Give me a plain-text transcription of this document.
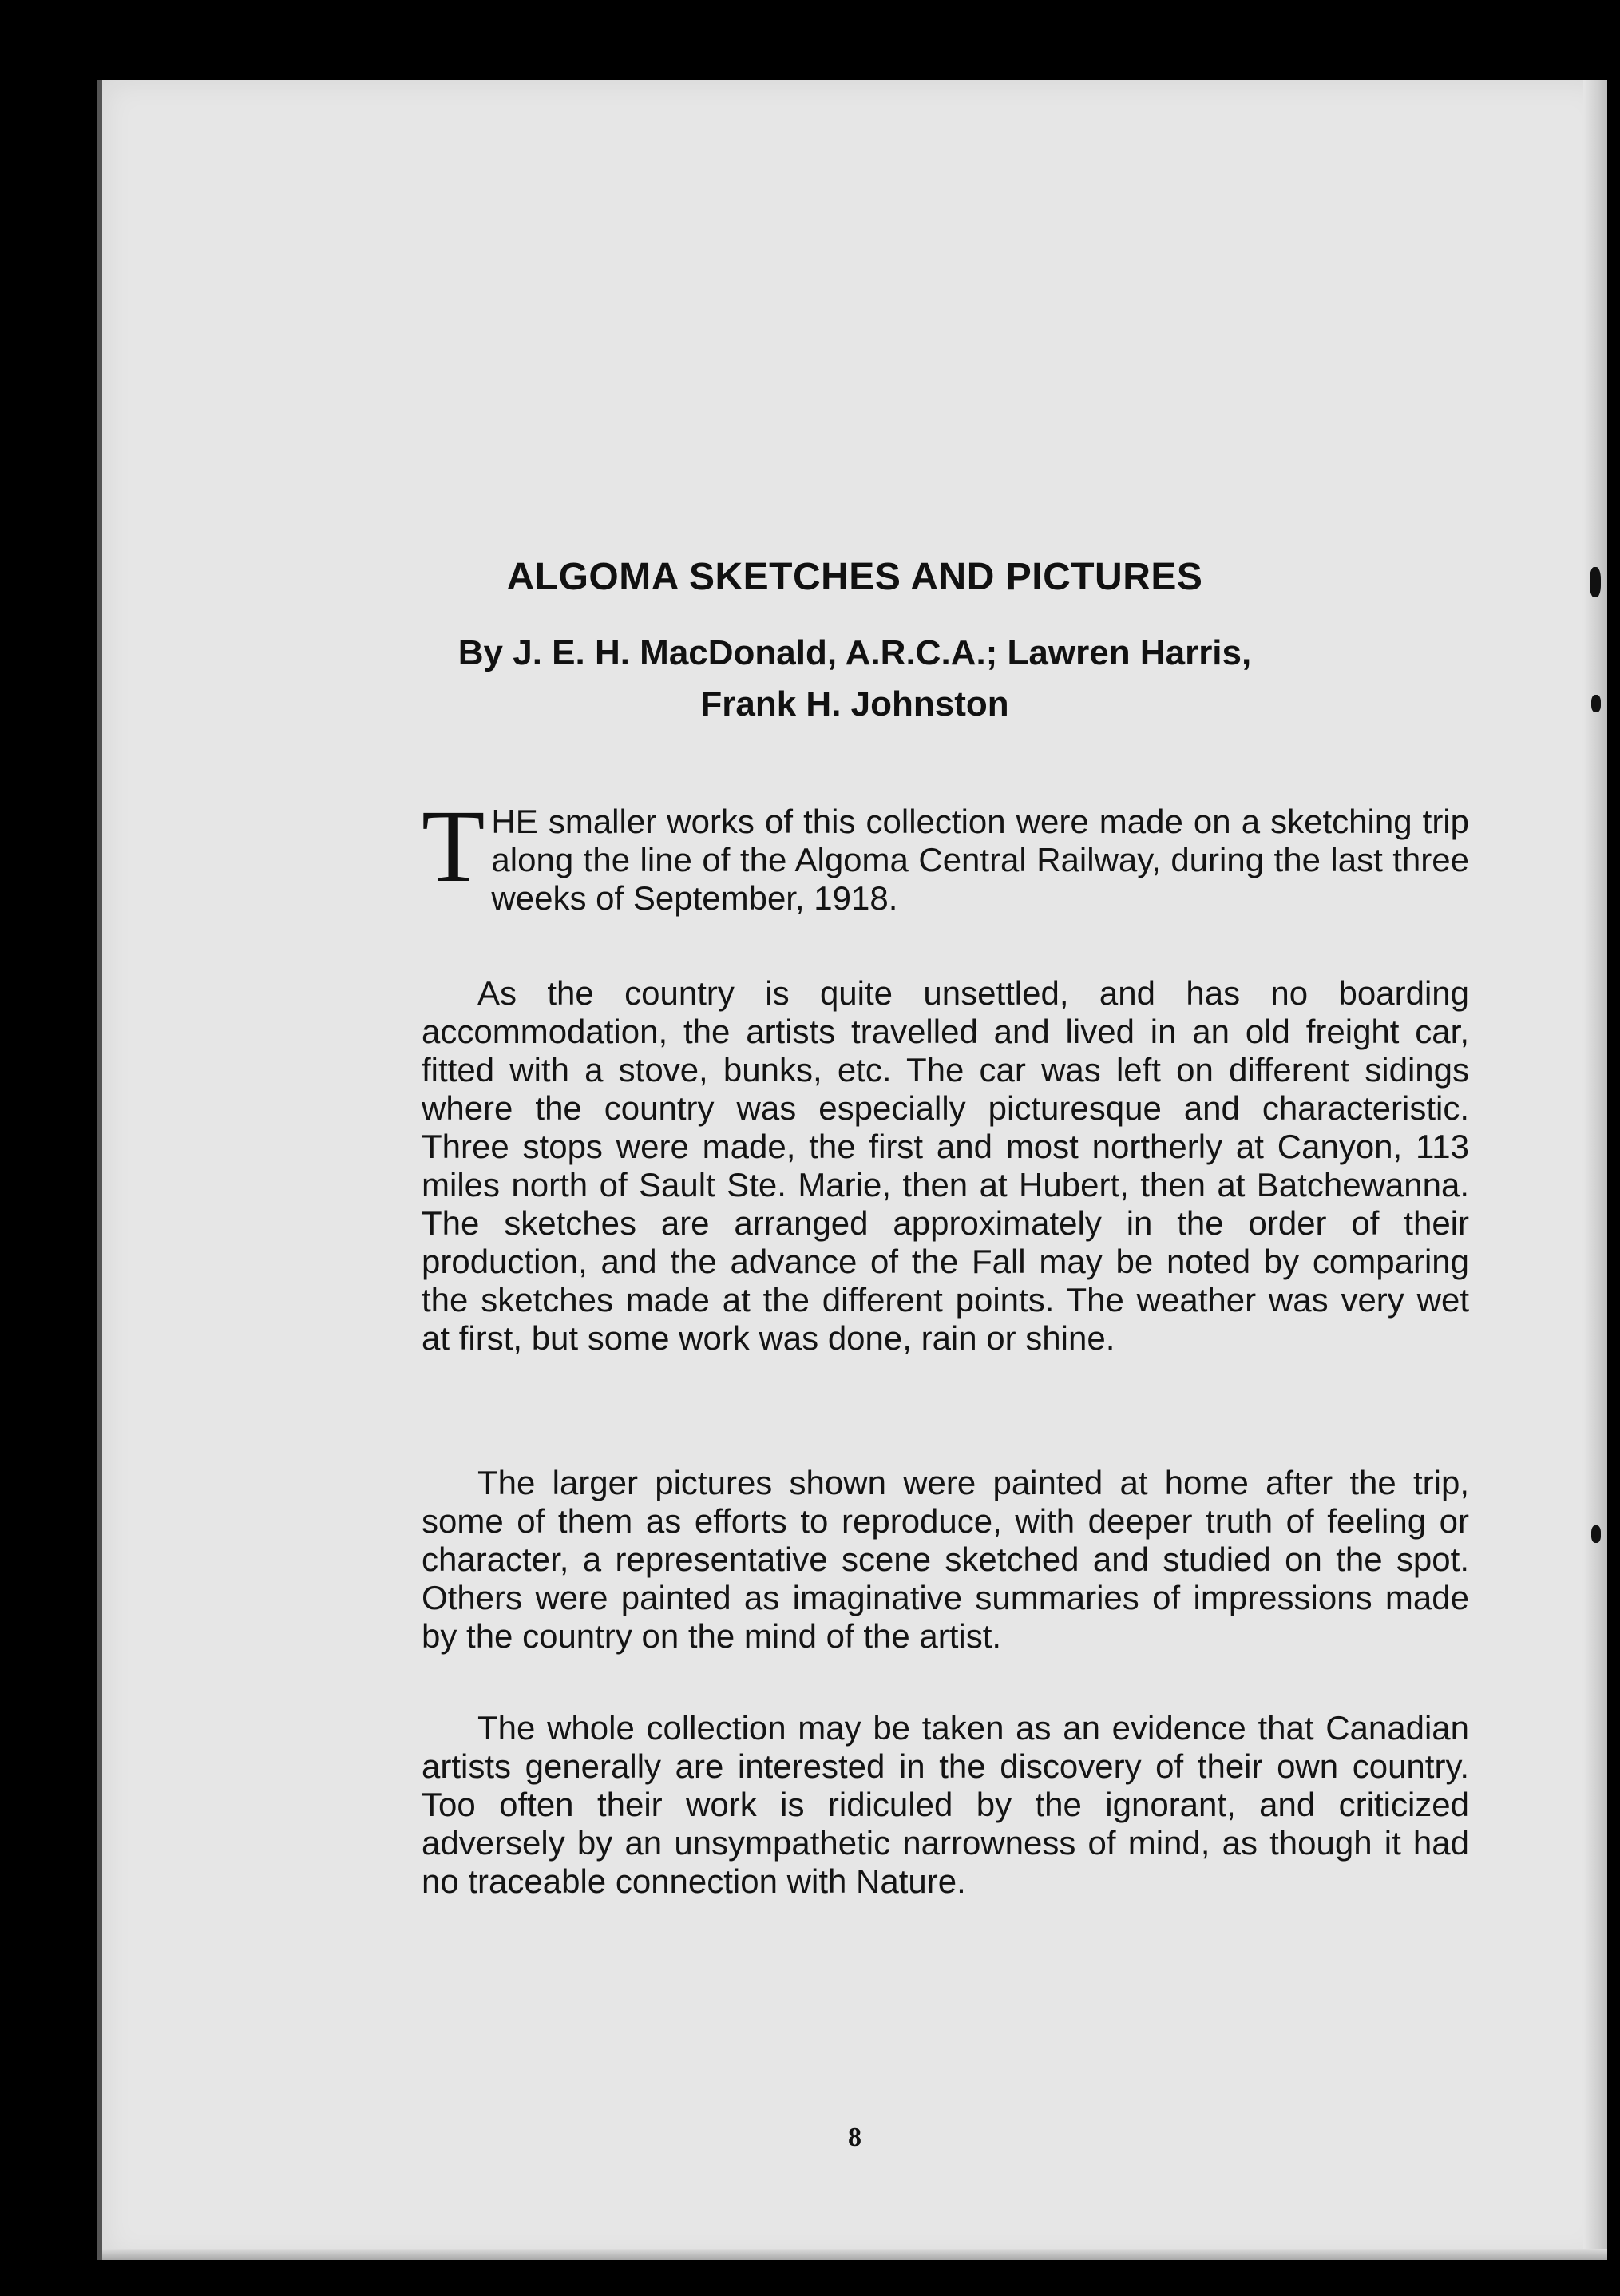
ALGOMA SKETCHES AND PICTURES
By J. E. H. MacDonald, A.R.C.A.; Lawren Harris,
Frank H. Johnston
T HE smaller works of this collection were made on a sketching trip along the line of the Algoma Central Railway, during the last three weeks of September, 1918.

As the country is quite unsettled, and has no boarding accommodation, the artists travelled and lived in an old freight car, fitted with a stove, bunks, etc. The car was left on different sidings where the country was especially picturesque and characteristic. Three stops were made, the first and most northerly at Canyon, 113 miles north of Sault Ste. Marie, then at Hubert, then at Batchewanna. The sketches are arranged approximately in the order of their production, and the advance of the Fall may be noted by comparing the sketches made at the different points. The weather was very wet at first, but some work was done, rain or shine.

The larger pictures shown were painted at home after the trip, some of them as efforts to reproduce, with deeper truth of feeling or character, a representative scene sketched and studied on the spot. Others were painted as imaginative summaries of impressions made by the country on the mind of the artist.

The whole collection may be taken as an evidence that Canadian artists generally are interested in the discovery of their own country. Too often their work is ridiculed by the ignorant, and criticized adversely by an unsympathetic narrowness of mind, as though it had no traceable connection with Nature.

8
